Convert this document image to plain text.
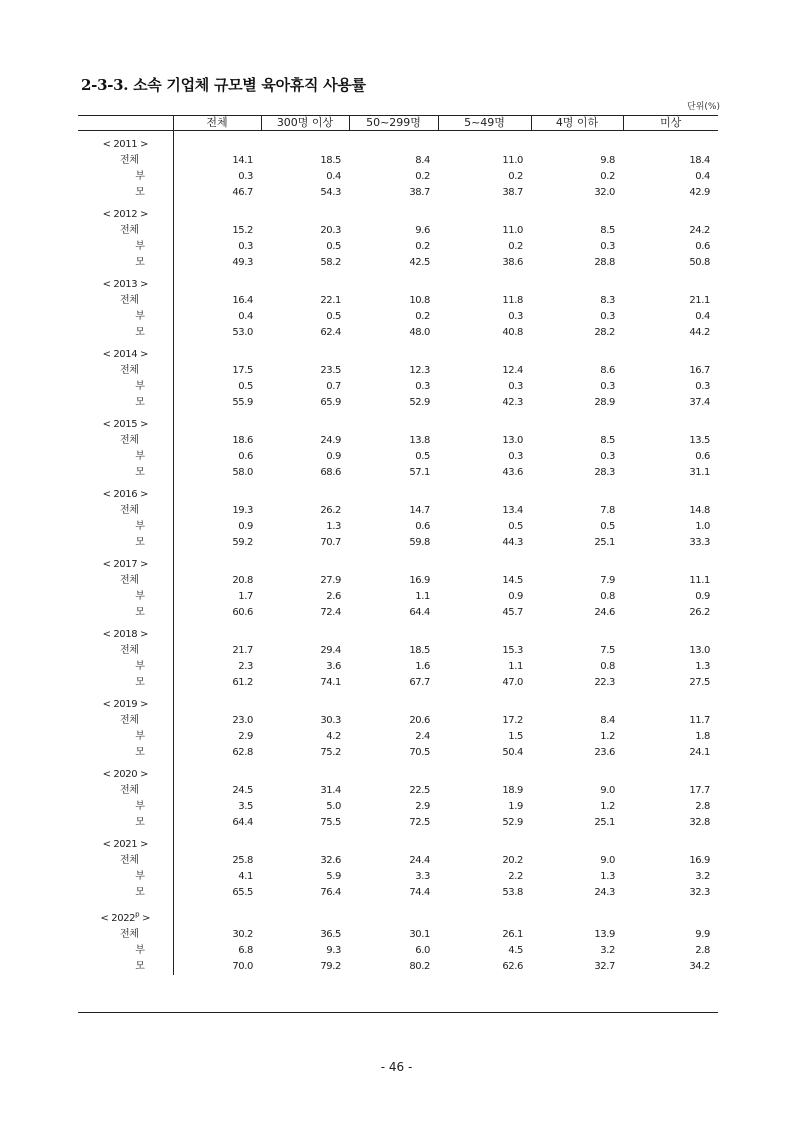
2-3-3. 소속 기업체 규모별 육아휴직 사용률
단위(%)
	전체	300명 이상	50~299명	5~49명	4명 이하	미상

< 2011 >						
전체	14.1	18.5	8.4	11.0	9.8	18.4
부	0.3	0.4	0.2	0.2	0.2	0.4
모	46.7	54.3	38.7	38.7	32.0	42.9

< 2012 >						
전체	15.2	20.3	9.6	11.0	8.5	24.2
부	0.3	0.5	0.2	0.2	0.3	0.6
모	49.3	58.2	42.5	38.6	28.8	50.8

< 2013 >						
전체	16.4	22.1	10.8	11.8	8.3	21.1
부	0.4	0.5	0.2	0.3	0.3	0.4
모	53.0	62.4	48.0	40.8	28.2	44.2

< 2014 >						
전체	17.5	23.5	12.3	12.4	8.6	16.7
부	0.5	0.7	0.3	0.3	0.3	0.3
모	55.9	65.9	52.9	42.3	28.9	37.4

< 2015 >						
전체	18.6	24.9	13.8	13.0	8.5	13.5
부	0.6	0.9	0.5	0.3	0.3	0.6
모	58.0	68.6	57.1	43.6	28.3	31.1

< 2016 >						
전체	19.3	26.2	14.7	13.4	7.8	14.8
부	0.9	1.3	0.6	0.5	0.5	1.0
모	59.2	70.7	59.8	44.3	25.1	33.3

< 2017 >						
전체	20.8	27.9	16.9	14.5	7.9	11.1
부	1.7	2.6	1.1	0.9	0.8	0.9
모	60.6	72.4	64.4	45.7	24.6	26.2

< 2018 >						
전체	21.7	29.4	18.5	15.3	7.5	13.0
부	2.3	3.6	1.6	1.1	0.8	1.3
모	61.2	74.1	67.7	47.0	22.3	27.5

< 2019 >						
전체	23.0	30.3	20.6	17.2	8.4	11.7
부	2.9	4.2	2.4	1.5	1.2	1.8
모	62.8	75.2	70.5	50.4	23.6	24.1

< 2020 >						
전체	24.5	31.4	22.5	18.9	9.0	17.7
부	3.5	5.0	2.9	1.9	1.2	2.8
모	64.4	75.5	72.5	52.9	25.1	32.8

< 2021 >						
전체	25.8	32.6	24.4	20.2	9.0	16.9
부	4.1	5.9	3.3	2.2	1.3	3.2
모	65.5	76.4	74.4	53.8	24.3	32.3

< $2022^p$ >						
전체	30.2	36.5	30.1	26.1	13.9	9.9
부	6.8	9.3	6.0	4.5	3.2	2.8
모	70.0	79.2	80.2	62.6	32.7	34.2
- 46 -
